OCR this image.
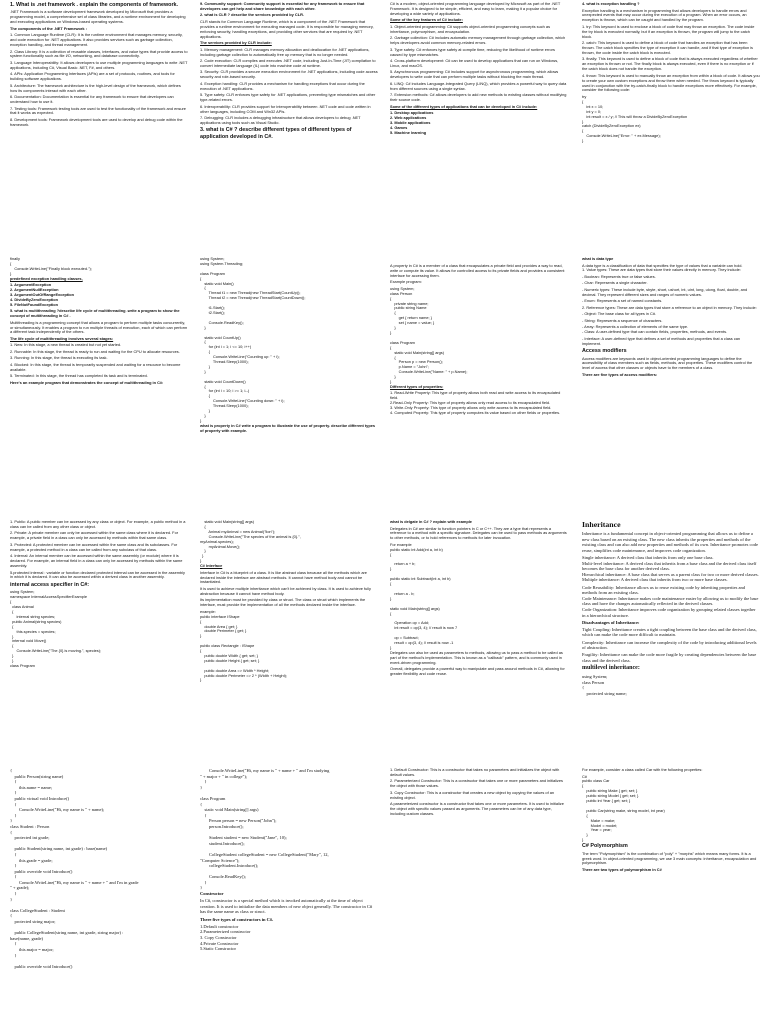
1. What is .net framework . explain the components of framework.
.NET Framework is a software development framework developed by Microsoft that provides a programming model, a comprehensive set of class libraries, and a runtime environment for developing and executing applications on Windows-based operating systems.
The components of the .NET Framework :
1. Common Language Runtime (CLR): It is the runtime environment that manages memory, security, and code execution for .NET applications. It also provides services such as garbage collection, exception handling, and thread management.
2. Class Library: It is a collection of reusable classes, interfaces, and value types that provide access to system functionality such as file I/O, networking, and database connectivity.
3. Language Interoperability: It allows developers to use multiple programming languages to write .NET applications, including C#, Visual Basic .NET, F#, and others.
4. APIs: Application Programming Interfaces (APIs) are a set of protocols, routines, and tools for building software applications.
5. Architecture: The framework architecture is the high-level design of the framework, which defines how its components interact with each other.
6. Documentation: Documentation is essential for any framework to ensure that developers can understand how to use it.
7. Testing tools: Framework testing tools are used to test the functionality of the framework and ensure that it works as expected.
8. Development tools: Framework development tools are used to develop and debug code within the framework.
finally
{
Console.WriteLine("Finally block executed.");
}
predefined exception handling classes,
1. ArgumentException
2. ArgumentNullException
3. ArgumentOutOfRangeException
4. DivideByZeroException
5. FileNotFoundException
5. what is multithreading ?describe life cycle of multithreading .write a program to show the concept of multithreading in C# .
Multithreading is a programming concept that allows a program to perform multiple tasks concurrently, or simultaneously. It enables a program to run multiple threads of execution, each of which can perform a different task independently of the others.
The life cycle of multithreading involves several stages:
1. New: In this stage, a new thread is created but not yet started.
2. Runnable: In this stage, the thread is ready to run and waiting for the CPU to allocate resources.
3. Running: In this stage, the thread is executing its task.
4. Blocked: In this stage, the thread is temporarily suspended and waiting for a resource to become available.
5. Terminated: In this stage, the thread has completed its task and is terminated.
Here's an example program that demonstrates the concept of multithreading in C#:
1. Public: A public member can be accessed by any class or object. For example, a public method in a class can be called from any other class or object.
2. Private: A private member can only be accessed within the same class where it is declared. For example, a private field in a class can only be accessed by methods within that same class.
3. Protected: A protected member can be accessed within the same class and its subclasses. For example, a protected method in a class can be called from any subclass of that class.
4. Internal: An internal member can be accessed within the same assembly (or module) where it is declared. For example, an internal field in a class can only be accessed by methods within the same assembly.
5.protected internal : variable or function declared protected internal can be accessed in the assembly in which it is declared. It can also be accessed within a derived class in another assembly.
internal access specifier in C#:
using System;
namespace InternalAccessSpecifierExample
{
class Animal
{
internal string species;
public Animal(string species)
{
this.species = species;
}
internal void Move()
{
Console.WriteLine("The {0} is moving.", species);
}
}
class Program
{
public Person(string name)
{
this.name = name;
}
public virtual void Introduce()
{
Console.WriteLine("Hi, my name is " + name);
}
}
class Student : Person
{
protected int grade;

public Student(string name, int grade) : base(name)
{
this.grade = grade;
}
public override void Introduce()
{
Console.WriteLine("Hi, my name is " + name + " and I'm in grade
" + grade);
}
}

class CollegeStudent : Student
{
protected string major;

public CollegeStudent(string name, int grade, string major) :
base(name, grade)
{
this.major = major;
}

public override void Introduce()
9. Community support: Community support is essential for any framework to ensure that developers can get help and share knowledge with each other.
2. what is CLR ? describe the services provided by CLR.
CLR stands for Common Language Runtime, which is a component of the .NET Framework that provides a runtime environment for executing managed code. It is responsible for managing memory, enforcing security, handling exceptions, and providing other services that are required by .NET applications.
The services provided by CLR include:
1. Memory management: CLR manages memory allocation and deallocation for .NET applications, including garbage collection to automatically free up memory that is no longer needed.
2. Code execution: CLR compiles and executes .NET code, including Just-In-Time (JIT) compilation to convert intermediate language (IL) code into machine code at runtime.
3. Security: CLR provides a secure execution environment for .NET applications, including code access security and role-based security.
4. Exception handling: CLR provides a mechanism for handling exceptions that occur during the execution of .NET applications.
5. Type safety: CLR enforces type safety for .NET applications, preventing type mismatches and other type-related errors.
6. Interoperability: CLR provides support for interoperability between .NET code and code written in other languages, including COM and Win32 APIs.
7. Debugging: CLR includes a debugging infrastructure that allows developers to debug .NET applications using tools such as Visual Studio.
3. what is C# ? describe different types of different types of application developed in C#.
using System;
using System.Threading;

class Program
{
static void Main()
{
Thread t1 = new Thread(new ThreadStart(CountUp));
Thread t2 = new Thread(new ThreadStart(CountDown));

t1.Start();
t2.Start();

Console.ReadKey();
}

static void CountUp()
{
for (int i = 1; i <= 10; i++)
{
Console.WriteLine("Counting up: " + i);
Thread.Sleep(1000);
}
}

static void CountDown()
{
for (int i = 10; i >= 1; i--)
{
Console.WriteLine("Counting down: " + i);
Thread.Sleep(1000);
}
}
}
what is property in C# write a program to illustrate the use of property. describe different types of property with example.
static void Main(string[] args)
{
Animal myAnimal = new Animal("lion");
Console.WriteLine("The species of the animal is {0}.",
myAnimal.species);
myAnimal.Move();
}
}
}
C# Interface
Interface in C# is a blueprint of a class. It is like abstract class because all the methods which are declared inside the interface are abstract methods. It cannot have method body and cannot be instantiated.
It is used to achieve multiple inheritance which can't be achieved by class. It is used to achieve fully abstraction because it cannot have method body.
Its implementation must be provided by class or struct. The class or struct which implements the interface, must provide the implementation of all the methods declared inside the interface.
example:
public interface IShape
{
double Area { get; }
double Perimeter { get; }
}

public class Rectangle : IShape
{
public double Width { get; set; }
public double Height { get; set; }

public double Area => Width * Height;
public double Perimeter => 2 * (Width + Height);
}
Console.WriteLine("Hi, my name is " + name + " and I'm studying
" + major + " in college");
}
}

class Program
{
static void Main(string[] args)
{
Person person = new Person("John");
person.Introduce();

Student student = new Student("Jane", 10);
student.Introduce();

CollegeStudent collegeStudent = new CollegeStudent("Mary", 12,
"Computer Science");
collegeStudent.Introduce();

Console.ReadKey();
}
}
Constructor
In C#, constructor is a special method which is invoked automatically at the time of object creation. It is used to initialize the data members of new object generally. The constructor in C# has the same name as class or struct.
There five types of constructors in C#.
1.Default constructor
2.Parameterized constructor
3. Copy Constructor
4.Private Constructor
5.Static Constructor
C# is a modern, object-oriented programming language developed by Microsoft as part of the .NET Framework. It is designed to be simple, efficient, and easy to learn, making it a popular choice for developing a wide variety of applications.
Some of the key features of C# include:
1. Object-oriented programming: C# supports object-oriented programming concepts such as inheritance, polymorphism, and encapsulation.
2. Garbage collection: C# includes automatic memory management through garbage collection, which helps developers avoid common memory-related errors.
3. Type safety: C# enforces type safety at compile time, reducing the likelihood of runtime errors caused by type mismatches.
4. Cross-platform development: C# can be used to develop applications that can run on Windows, Linux, and macOS.
5. Asynchronous programming: C# includes support for asynchronous programming, which allows developers to write code that can perform multiple tasks without blocking the main thread.
6. LINQ: C# includes Language-Integrated Query (LINQ), which provides a powerful way to query data from different sources using a single syntax.
7. Extension methods: C# allows developers to add new methods to existing classes without modifying their source code.
Some of the different types of applications that can be developed in C# include:
1. Desktop applications
2. Web applications
3. Mobile applications
4. Games
5. Machine learning
A property in C# is a member of a class that encapsulates a private field and provides a way to read, write or compute its value. It allows for controlled access to its private fields and provides a consistent interface for accessing them.
Example program:
using System;
class Person
{
private string name;
public string Name
{
get { return name; }
set { name = value; }
}
}

class Program
{
static void Main(string[] args)
{
Person p = new Person();
p.Name = "John";
Console.WriteLine("Name: " + p.Name);
}
}
Different types of properties:
1. Read-Write Property: This type of property allows both read and write access to its encapsulated field.
2.Read-Only Property: This type of property allows only read access to its encapsulated field.
3. Write-Only Property: This type of property allows only write access to its encapsulated field.
4. Computed Property: This type of property computes its value based on other fields or properties.
what is delgate in C# ? explain with example
Delegates in C# are similar to function pointers in C or C++. They are a type that represents a reference to a method with a specific signature. Delegates can be used to pass methods as arguments to other methods, or to hold references to methods for later invocation.
For example
public static int Add(int a, int b)
{

return a + b;
}

public static int Subtract(int a, int b)
{

return a - b;
}

static void Main(string[] args)
{

Operation op = Add;
int result = op(3, 4); // result is now 7

op = Subtract;
result = op(3, 4); // result is now -1
}
Delegates can also be used as parameters to methods, allowing us to pass a method to be called as part of the method's implementation. This is known as a "callback" pattern, and is commonly used in event-driven programming.
Overall, delegates provide a powerful way to manipulate and pass around methods in C#, allowing for greater flexibility and code reuse.
1. Default Constructor: This is a constructor that takes no parameters and initializes the object with default values.
2. Parameterized Constructor: This is a constructor that takes one or more parameters and initializes the object with those values.
3. Copy Constructor: This is a constructor that creates a new object by copying the values of an existing object.
A parameterized constructor is a constructor that takes one or more parameters. It is used to initialize the object with specific values passed as arguments. The parameters can be of any data type, including custom classes.
4. what is exception handling ?
Exception handling is a mechanism in programming that allows developers to handle errors and unexpected events that may occur during the execution of a program. When an error occurs, an exception is thrown, which can be caught and handled by the program.
1. try: This keyword is used to enclose a block of code that may throw an exception. The code inside the try block is executed normally, but if an exception is thrown, the program will jump to the catch block.
2. catch: This keyword is used to define a block of code that handles an exception that has been thrown. The catch block specifies the type of exception it can handle, and if that type of exception is thrown, the code inside the catch block is executed.
3. finally: This keyword is used to define a block of code that is always executed regardless of whether an exception is thrown or not. The finally block is always executed, even if there is no exception or if the catch block does not handle the exception.
4. throw: This keyword is used to manually throw an exception from within a block of code. It allows you to create your own custom exceptions and throw them when needed. The throw keyword is typically used in conjunction with the try-catch-finally block to handle exceptions more effectively. For example, consider the following code:
try
{
int x = 10;
int y = 0;
int result = x / y; // This will throw a DivideByZeroException
}
catch (DivideByZeroException ex)
{
Console.WriteLine("Error: " + ex.Message);
}
what is data type
A data type is a classification of data that specifies the type of values that a variable can hold.
1. Value types: These are data types that store their values directly in memory. They include:
- Boolean: Represents true or false values.
- Char: Represents a single character.
- Numeric types: These include byte, sbyte, short, ushort, int, uint, long, ulong, float, double, and decimal. They represent different sizes and ranges of numeric values.
- Enum: Represents a set of named constants.
2. Reference types: These are data types that store a reference to an object in memory. They include:
- Object: The base class for all types in C#.
- String: Represents a sequence of characters.
- Array: Represents a collection of elements of the same type.
- Class: A user-defined type that can contain fields, properties, methods, and events.
- Interface: A user-defined type that defines a set of methods and properties that a class can implement.
Access modifiers
Access modifiers are keywords used in object-oriented programming languages to define the accessibility of class members such as fields, methods, and properties. These modifiers control the level of access that other classes or objects have to the members of a class.
There are five types of access modifiers:
Inheritance
Inheritance is a fundamental concept in object-oriented programming that allows us to define a new class based on an existing class. The new class inherits the properties and methods of the existing class and can also add new properties and methods of its own. Inheritance promotes code reuse, simplifies code maintenance, and improves code organization.
Single inheritance: A derived class that inherits from only one base class.
Multi-level inheritance: A derived class that inherits from a base class and the derived class itself becomes the base class for another derived class.
Hierarchical inheritance: A base class that serves as a parent class for two or more derived classes.
Multiple inheritance: A derived class that inherits from two or more base classes.
Code Reusability: Inheritance allows us to reuse existing code by inheriting properties and methods from an existing class.
Code Maintenance: Inheritance makes code maintenance easier by allowing us to modify the base class and have the changes automatically reflected in the derived classes.
Code Organization: Inheritance improves code organization by grouping related classes together in a hierarchical structure.
Disadvantages of Inheritance:
Tight Coupling: Inheritance creates a tight coupling between the base class and the derived class, which can make the code more difficult to maintain.
Complexity: Inheritance can increase the complexity of the code by introducing additional levels of abstraction.
Fragility: Inheritance can make the code more fragile by creating dependencies between the base class and the derived class.
multilevel inheritance:
using System;
class Person
{
protected string name;
For example, consider a class called Car with the following properties:
C#
public class Car
{
public string Make { get; set; }
public string Model { get; set; }
public int Year { get; set; }

public Car(string make, string model, int year)
{
Make = make;
Model = model;
Year = year;
}
}
C# Polymorphism
The term "Polymorphism" is the combination of "poly" + "morphs" which means many forms. It is a greek word. In object-oriented programming, we use 3 main concepts: inheritance, encapsulation and polymorphism.
There are two types of polymorphism in C#
